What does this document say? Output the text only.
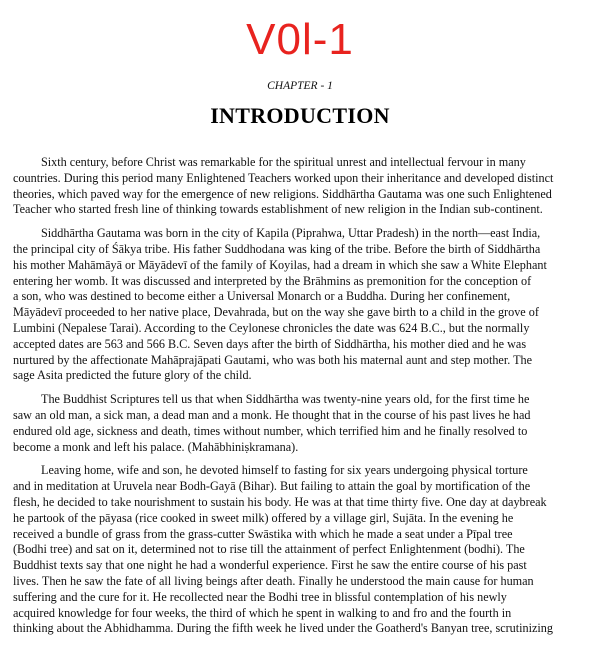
V0l-1
CHAPTER - 1
INTRODUCTION
Sixth century, before Christ was remarkable for the spiritual unrest and intellectual fervour in many
countries. During this period many Enlightened Teachers worked upon their inheritance and developed distinct
theories, which paved way for the emergence of new religions. Siddhārtha Gautama was one such Enlightened
Teacher who started fresh line of thinking towards establishment of new religion in the Indian sub-continent.
Siddhārtha Gautama was born in the city of Kapila (Piprahwa, Uttar Pradesh) in the north—east India,
the principal city of Śākya tribe. His father Suddhodana was king of the tribe. Before the birth of Siddhārtha
his mother Mahāmāyā or Māyādevī of the family of Koyilas, had a dream in which she saw a White Elephant
entering her womb. It was discussed and interpreted by the Brāhmins as premonition for the conception of
a son, who was destined to become either a Universal Monarch or a Buddha. During her confinement,
Māyādevī proceeded to her native place, Devahrada, but on the way she gave birth to a child in the grove of
Lumbini (Nepalese Tarai). According to the Ceylonese chronicles the date was 624 B.C., but the normally
accepted dates are 563 and 566 B.C. Seven days after the birth of Siddhārtha, his mother died and he was
nurtured by the affectionate Mahāprajāpati Gautami, who was both his maternal aunt and step mother. The
sage Asita predicted the future glory of the child.
The Buddhist Scriptures tell us that when Siddhārtha was twenty-nine years old, for the first time he
saw an old man, a sick man, a dead man and a monk. He thought that in the course of his past lives he had
endured old age, sickness and death, times without number, which terrified him and he finally resolved to
become a monk and left his palace. (Mahābhiniṣkramana).
Leaving home, wife and son, he devoted himself to fasting for six years undergoing physical torture
and in meditation at Uruvela near Bodh-Gayā (Bihar). But failing to attain the goal by mortification of the
flesh, he decided to take nourishment to sustain his body. He was at that time thirty five. One day at daybreak
he partook of the pāyasa (rice cooked in sweet milk) offered by a village girl, Sujāta. In the evening he
received a bundle of grass from the grass-cutter Swāstika with which he made a seat under a Pīpal tree
(Bodhi tree) and sat on it, determined not to rise till the attainment of perfect Enlightenment (bodhi). The
Buddhist texts say that one night he had a wonderful experience. First he saw the entire course of his past
lives. Then he saw the fate of all living beings after death. Finally he understood the main cause for human
suffering and the cure for it. He recollected near the Bodhi tree in blissful contemplation of his newly
acquired knowledge for four weeks, the third of which he spent in walking to and fro and the fourth in
thinking about the Abhidhamma. During the fifth week he lived under the Goatherd's Banyan tree, scrutinizing
